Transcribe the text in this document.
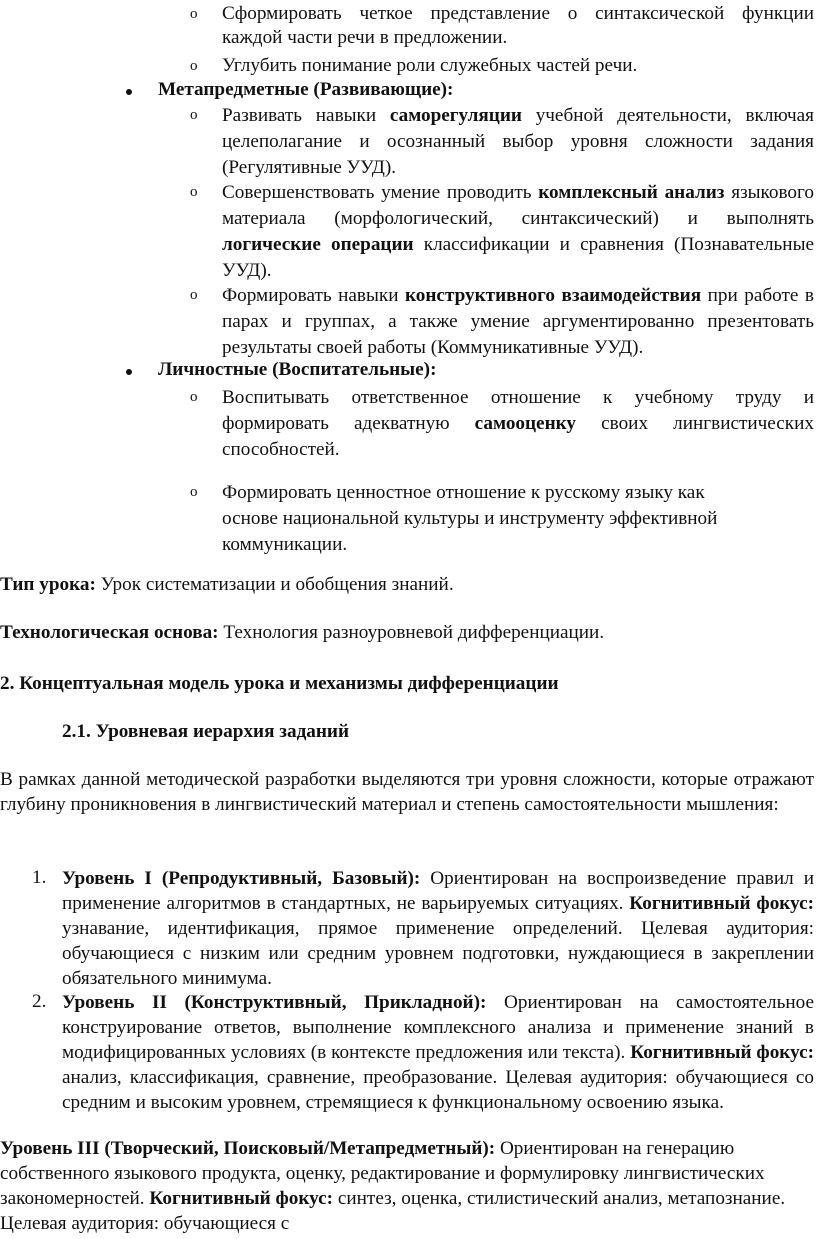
o Сформировать четкое представление о синтаксической функции каждой части речи в предложении.
o Углубить понимание роли служебных частей речи.
Метапредметные (Развивающие):
o Развивать навыки саморегуляции учебной деятельности, включая целеполагание и осознанный выбор уровня сложности задания (Регулятивные УУД).
o Совершенствовать умение проводить комплексный анализ языкового материала (морфологический, синтаксический) и выполнять логические операции классификации и сравнения (Познавательные УУД).
o Формировать навыки конструктивного взаимодействия при работе в парах и группах, а также умение аргументированно презентовать результаты своей работы (Коммуникативные УУД).
Личностные (Воспитательные):
o Воспитывать ответственное отношение к учебному труду и формировать адекватную самооценку своих лингвистических способностей.
o Формировать ценностное отношение к русскому языку как основе национальной культуры и инструменту эффективной коммуникации.
Тип урока: Урок систематизации и обобщения знаний.
Технологическая основа: Технология разноуровневой дифференциации.
2. Концептуальная модель урока и механизмы дифференциации
2.1. Уровневая иерархия заданий
В рамках данной методической разработки выделяются три уровня сложности, которые отражают глубину проникновения в лингвистический материал и степень самостоятельности мышления:
1. Уровень I (Репродуктивный, Базовый): Ориентирован на воспроизведение правил и применение алгоритмов в стандартных, не варьируемых ситуациях. Когнитивный фокус: узнавание, идентификация, прямое применение определений. Целевая аудитория: обучающиеся с низким или средним уровнем подготовки, нуждающиеся в закреплении обязательного минимума.
2. Уровень II (Конструктивный, Прикладной): Ориентирован на самостоятельное конструирование ответов, выполнение комплексного анализа и применение знаний в модифицированных условиях (в контексте предложения или текста). Когнитивный фокус: анализ, классификация, сравнение, преобразование. Целевая аудитория: обучающиеся со средним и высоким уровнем, стремящиеся к функциональному освоению языка.
Уровень III (Творческий, Поисковый/Метапредметный): Ориентирован на генерацию собственного языкового продукта, оценку, редактирование и формулировку лингвистических закономерностей. Когнитивный фокус: синтез, оценка, стилистический анализ, метапознание. Целевая аудитория: обучающиеся с
